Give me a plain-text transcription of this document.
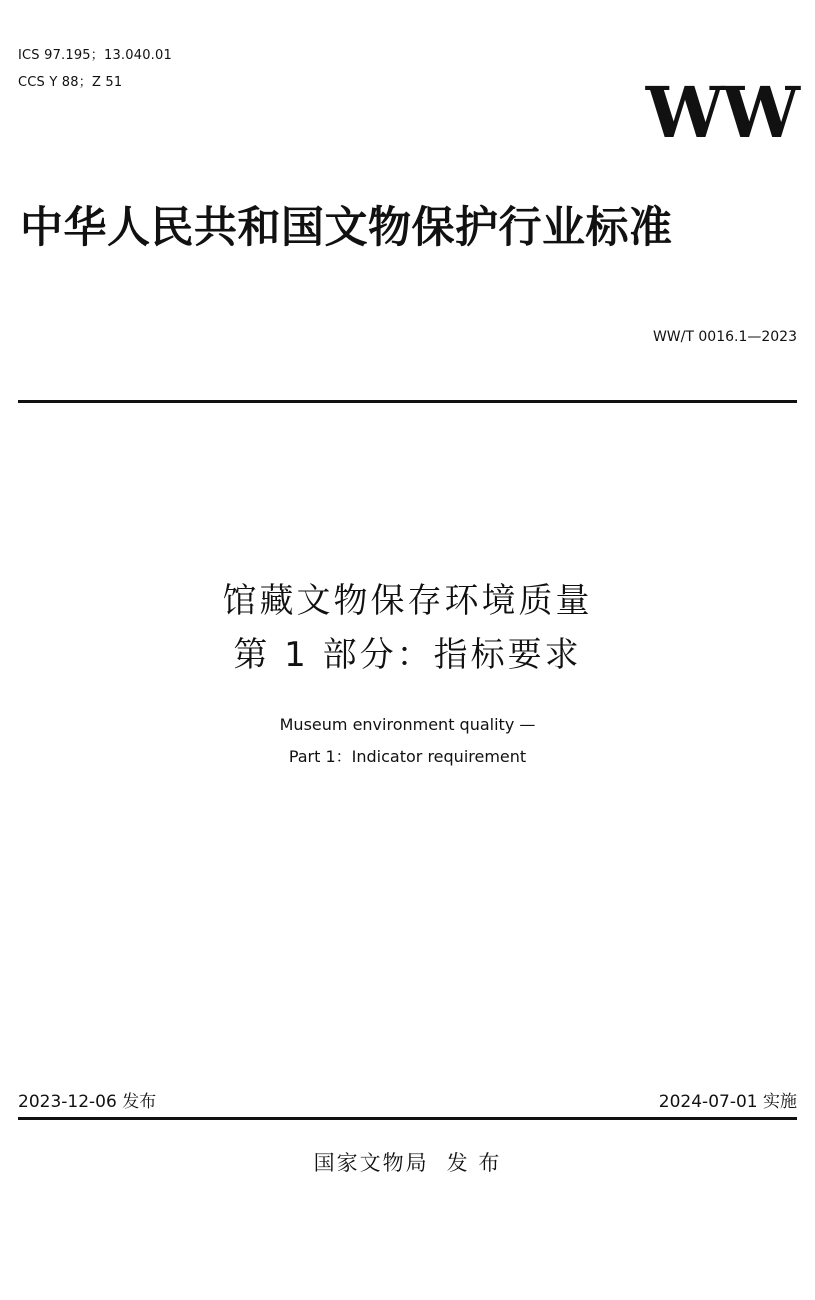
ICS 97.195；13.040.01
CCS Y 88；Z 51	WW
中华人民共和国文物保护行业标准
WW/T 0016.1—2023
馆藏文物保存环境质量
第 1 部分：指标要求
Museum environment quality —
Part 1：Indicator requirement
2023-12-06 发布	2024-07-01 实施
国家文物局 发 布
